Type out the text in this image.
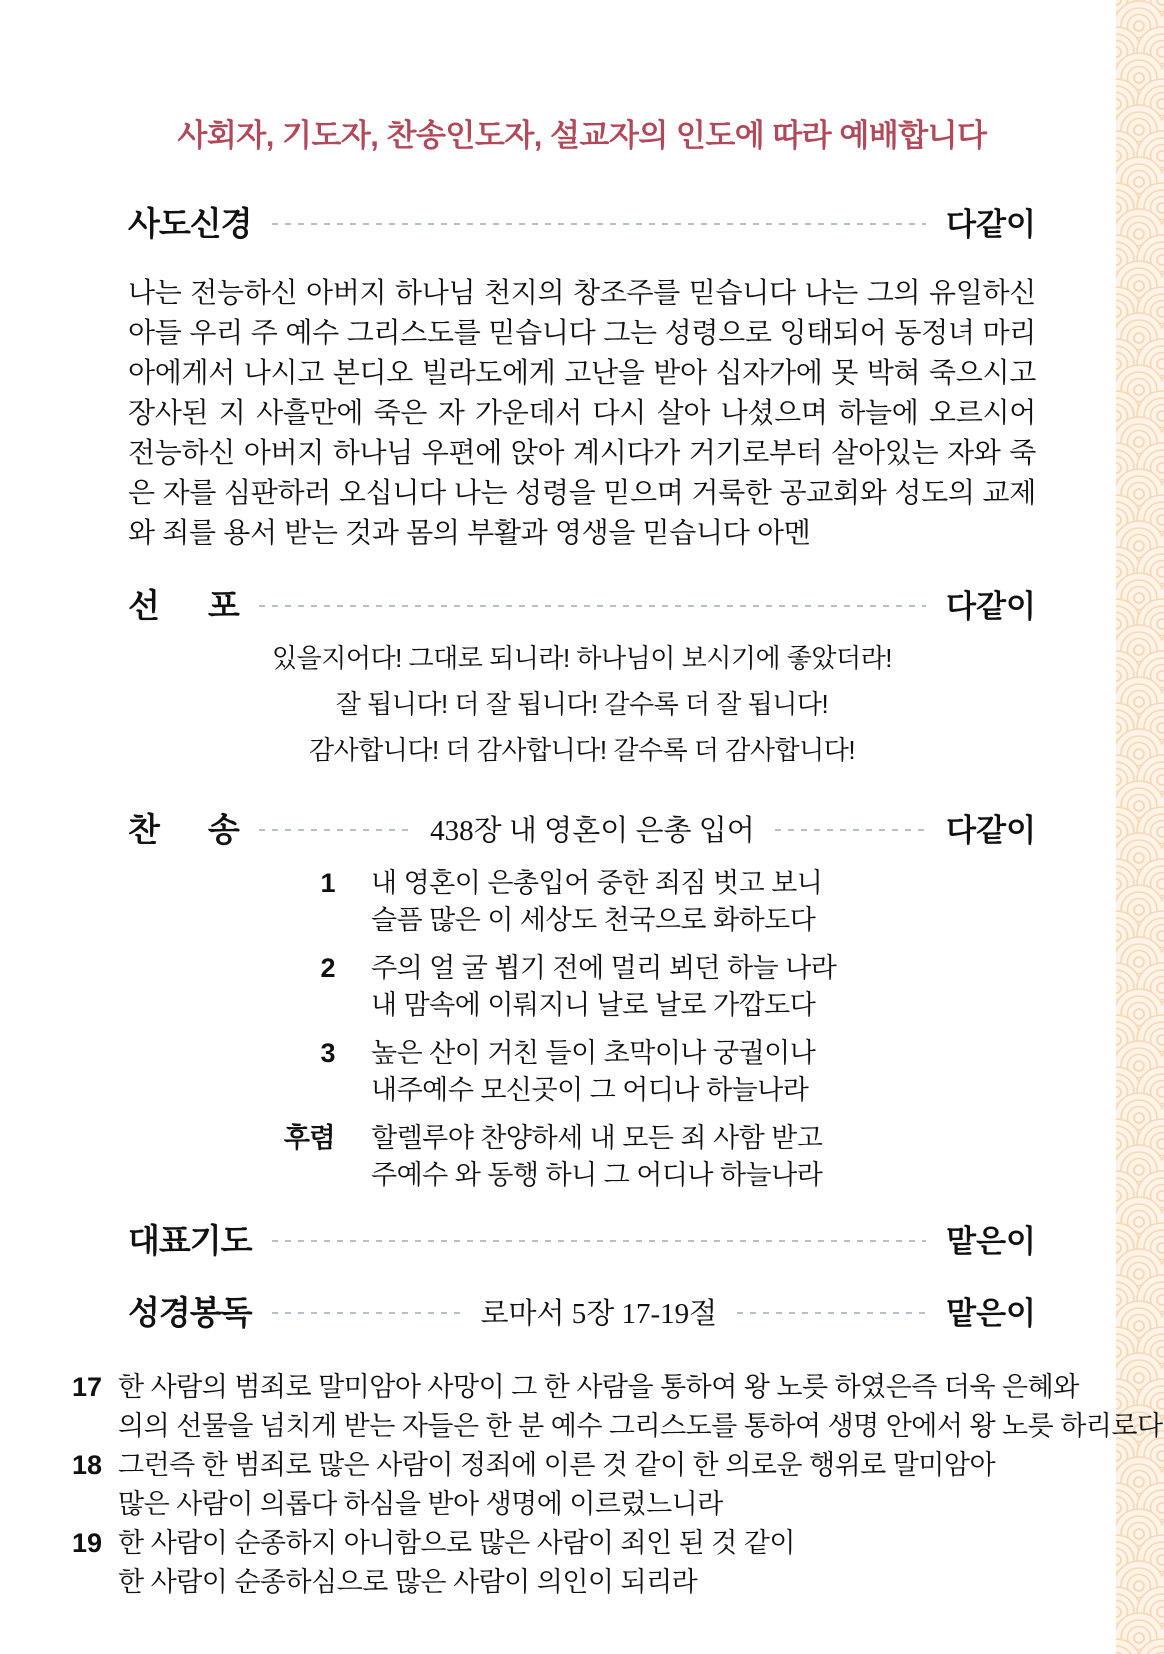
사회자, 기도자, 찬송인도자, 설교자의 인도에 따라 예배합니다
사도신경	다같이
나는 전능하신 아버지 하나님 천지의 창조주를 믿습니다 나는 그의 유일하신 아들 우리 주 예수 그리스도를 믿습니다 그는 성령으로 잉태되어 동정녀 마리아에게서 나시고 본디오 빌라도에게 고난을 받아 십자가에 못 박혀 죽으시고 장사된 지 사흘만에 죽은 자 가운데서 다시 살아 나셨으며 하늘에 오르시어 전능하신 아버지 하나님 우편에 앉아 계시다가 거기로부터 살아있는 자와 죽은 자를 심판하러 오십니다 나는 성령을 믿으며 거룩한 공교회와 성도의 교제와 죄를 용서 받는 것과 몸의 부활과 영생을 믿습니다 아멘
선      포	다같이
있을지어다! 그대로 되니라! 하나님이 보시기에 좋았더라!
잘 됩니다! 더 잘 됩니다! 갈수록 더 잘 됩니다!
감사합니다! 더 감사합니다! 갈수록 더 감사합니다!
찬      송	438장 내 영혼이 은총 입어	다같이
1 내 영혼이 은총입어 중한 죄짐 벗고 보니
슬픔 많은 이 세상도 천국으로 화하도다
2 주의 얼 굴 뵙기 전에 멀리 뵈던 하늘 나라
내 맘속에 이뤄지니 날로 날로 가깝도다
3 높은 산이 거친 들이 초막이나 궁궐이나
내주예수 모신곳이 그 어디나 하늘나라
후렴 할렐루야 찬양하세 내 모든 죄 사함 받고
주예수 와 동행 하니 그 어디나 하늘나라
대표기도	맡은이
성경봉독	로마서 5장 17-19절	맡은이
17 한 사람의 범죄로 말미암아 사망이 그 한 사람을 통하여 왕 노릇 하였은즉 더욱 은혜와
의의 선물을 넘치게 받는 자들은 한 분 예수 그리스도를 통하여 생명 안에서 왕 노릇 하리로다
18 그런즉 한 범죄로 많은 사람이 정죄에 이른 것 같이 한 의로운 행위로 말미암아
많은 사람이 의롭다 하심을 받아 생명에 이르렀느니라
19 한 사람이 순종하지 아니함으로 많은 사람이 죄인 된 것 같이
한 사람이 순종하심으로 많은 사람이 의인이 되리라
